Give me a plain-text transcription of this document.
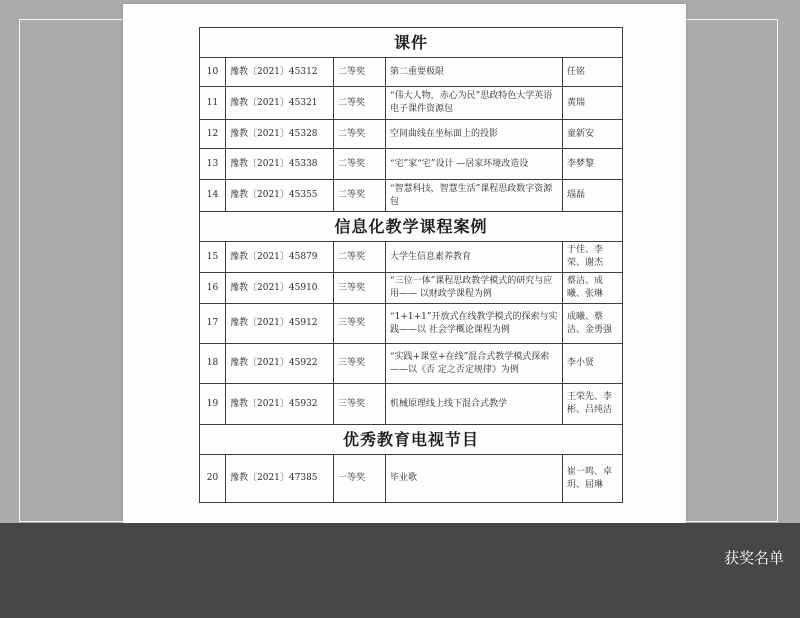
课件				
10	豫教〔2021〕45312	二等奖	第二重要极限	任铭
11	豫教〔2021〕45321	二等奖	“伟大人物，赤心为民”思政特色大学英语电子课件资源包	黄瑞
12	豫教〔2021〕45328	二等奖	空间曲线在坐标面上的投影	童新安
13	豫教〔2021〕45338	二等奖	“宅”家“宅”设计 —居家环境改造设	李梦黎
14	豫教〔2021〕45355	二等奖	“智慧科技，智慧生活”课程思政数字资源包	瑙磊
信息化教学课程案例				
15	豫教〔2021〕45879	二等奖	大学生信息素养教育	于佳、李荣、谢杰
16	豫教〔2021〕45910	三等奖	“三位一体”课程思政教学模式的研究与应用—— 以财政学课程为例	蔡洁、成曦、张琳
17	豫教〔2021〕45912	三等奖	“1+1+1”开放式在线教学模式的探索与实践——以 社会学概论课程为例	成曦、蔡洁、金勇强
18	豫教〔2021〕45922	三等奖	“实践+课堂+在线”混合式教学模式探索——以《否 定之否定规律》为例	李小贤
19	豫教〔2021〕45932	三等奖	机械原理线上线下混合式教学	王荣先、李彬、吕纯洁
优秀教育电视节目				
20	豫教〔2021〕47385	一等奖	毕业歌	崔一鸣、卓玥、屈琳
获奖名单
